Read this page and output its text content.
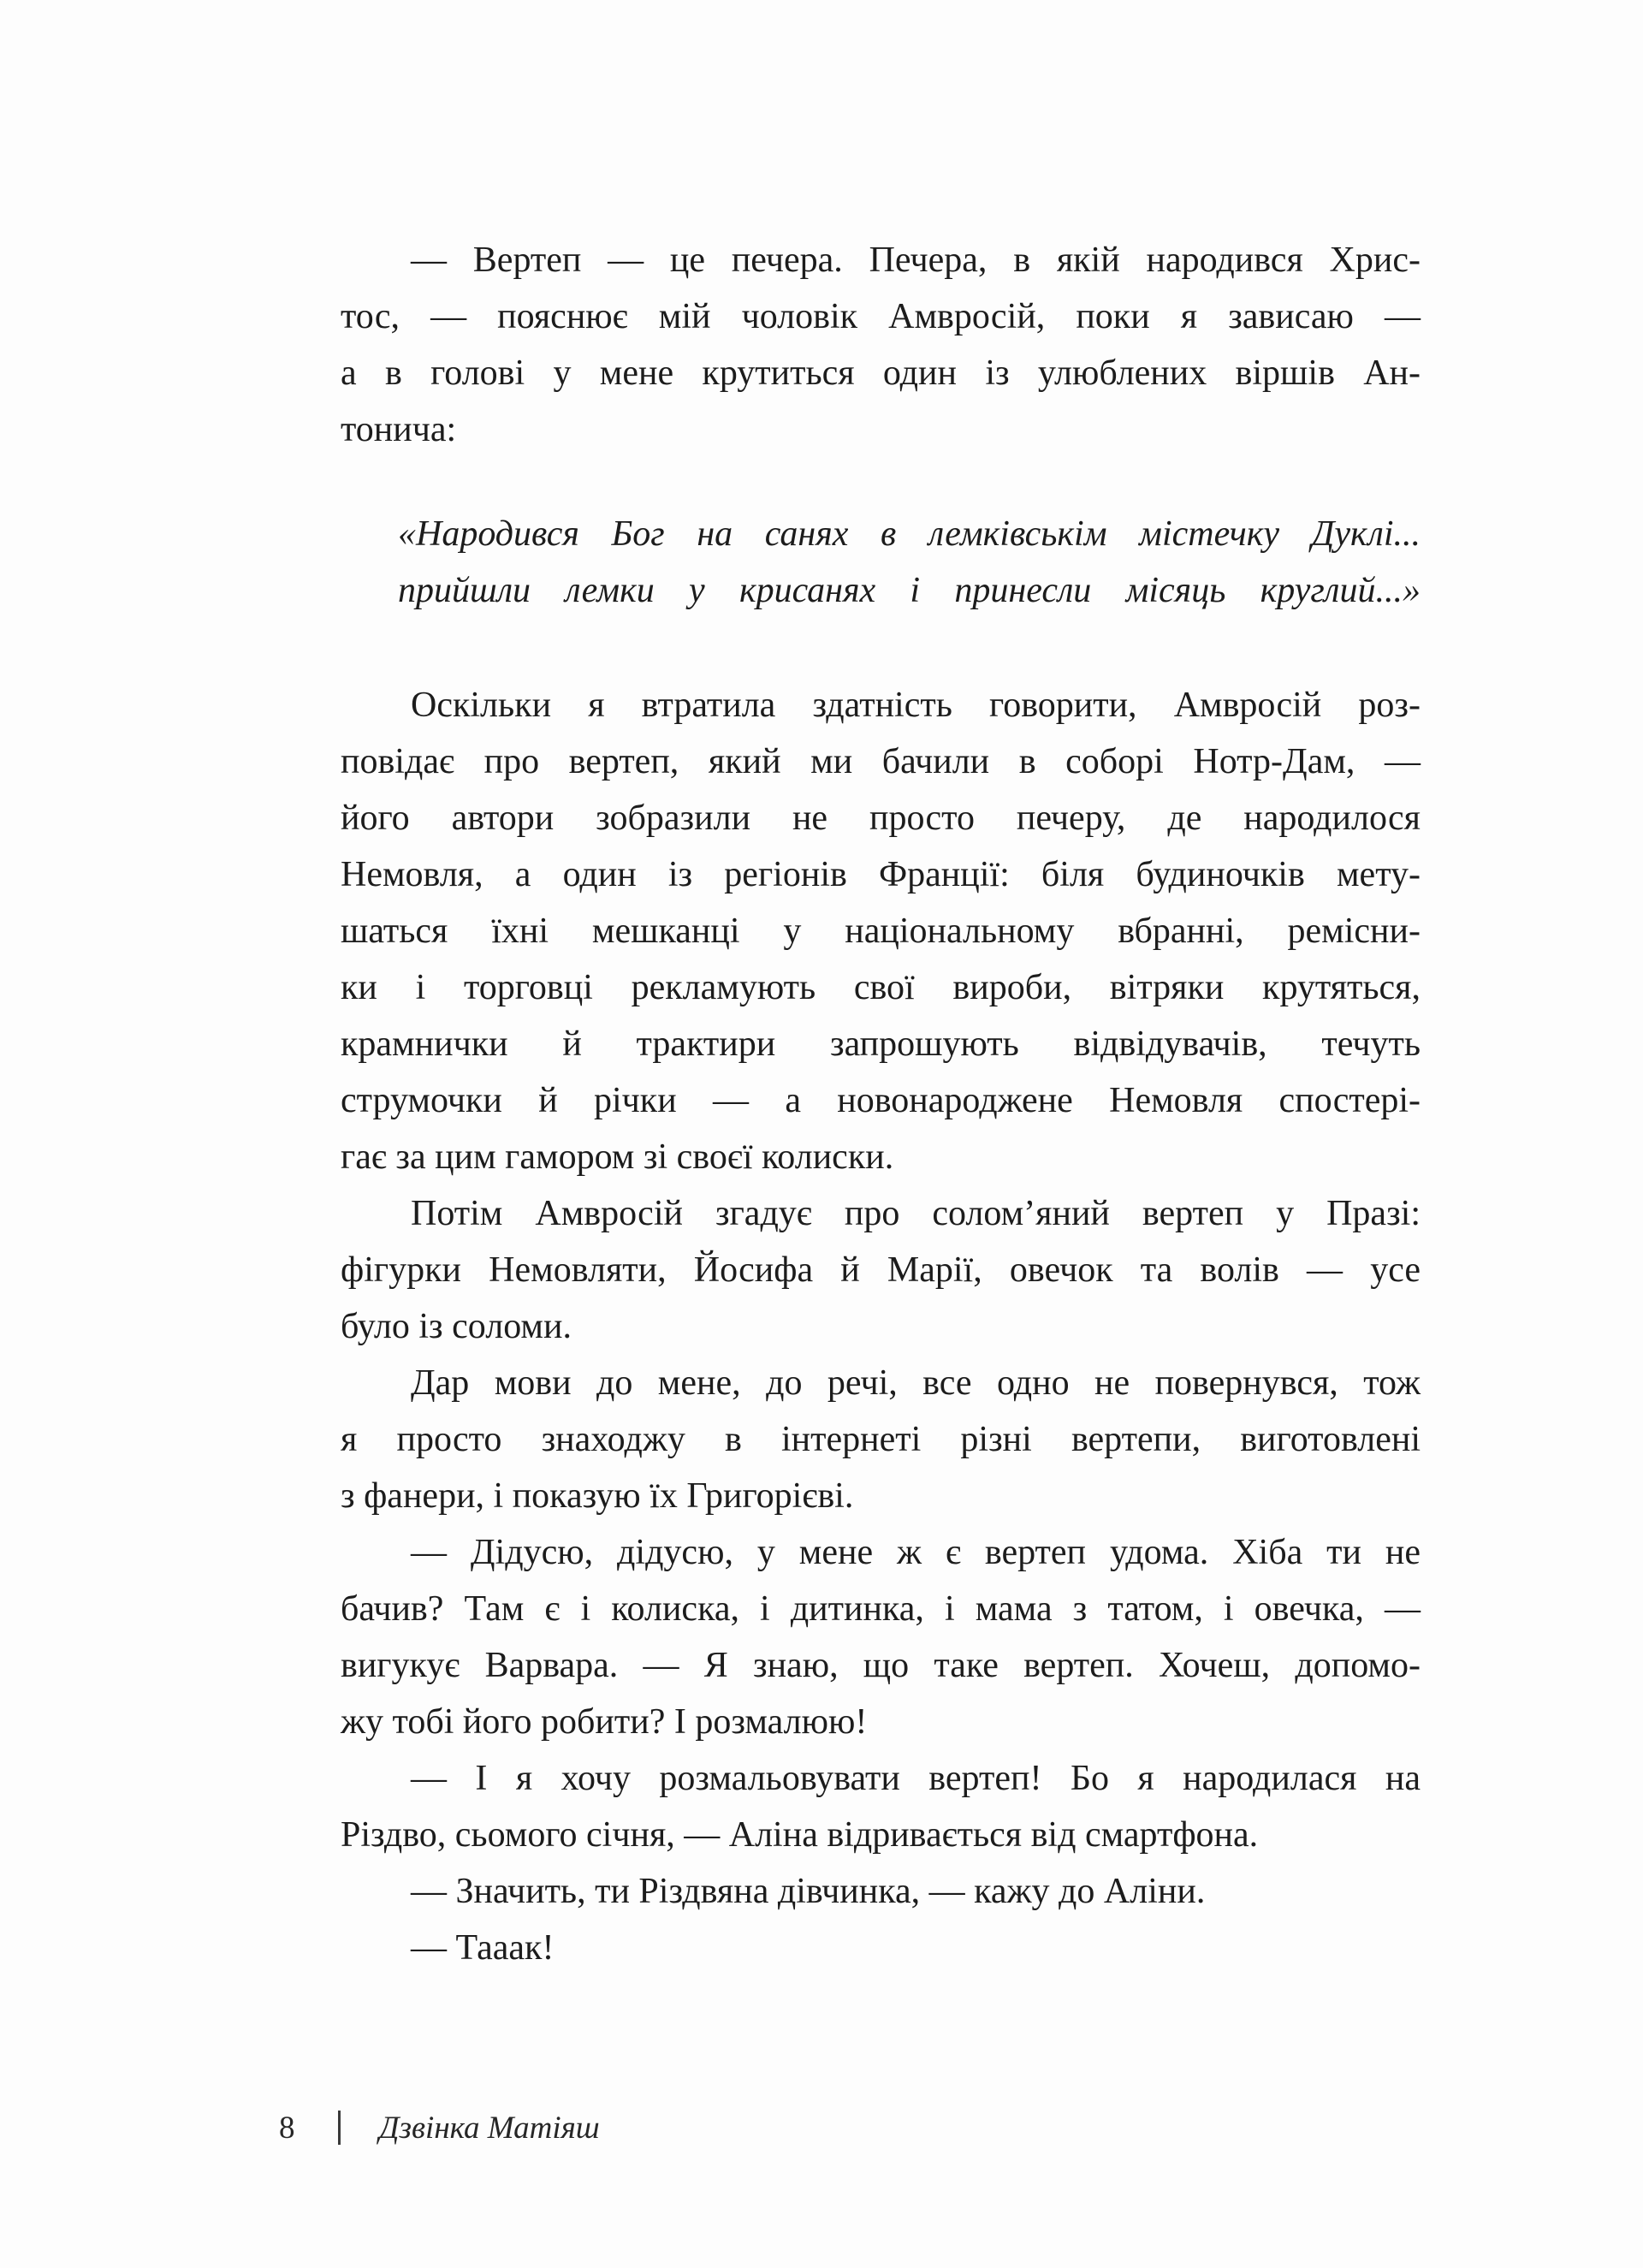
— Вертеп — це печера. Печера, в якій народився Хрис-
тос, — пояснює мій чоловік Амвросій, поки я зависаю —
а в голові у мене крутиться один із улюблених віршів Ан-
тонича:
«Народився Бог на санях в лемківськім містечку Дуклі...
прийшли лемки у крисанях і принесли місяць круглий...»
Оскільки я втратила здатність говорити, Амвросій роз-
повідає про вертеп, який ми бачили в соборі Нотр-Дам, —
його автори зобразили не просто печеру, де народилося
Немовля, а один із регіонів Франції: біля будиночків мету-
шаться їхні мешканці у національному вбранні, ремісни-
ки і торговці рекламують свої вироби, вітряки крутяться,
крамнички й трактири запрошують відвідувачів, течуть
струмочки й річки — а новонароджене Немовля спостері-
гає за цим гамором зі своєї колиски.
Потім Амвросій згадує про солом’яний вертеп у Празі:
фігурки Немовляти, Йосифа й Марії, овечок та волів — усе
було із соломи.
Дар мови до мене, до речі, все одно не повернувся, тож
я просто знаходжу в інтернеті різні вертепи, виготовлені
з фанери, і показую їх Григорієві.
— Дідусю, дідусю, у мене ж є вертеп удома. Хіба ти не
бачив? Там є і колиска, і дитинка, і мама з татом, і овечка, —
вигукує Варвара. — Я знаю, що таке вертеп. Хочеш, допомо-
жу тобі його робити? І розмалюю!
— І я хочу розмальовувати вертеп! Бо я народилася на
Різдво, сьомого січня, — Аліна відривається від смартфона.
— Значить, ти Різдвяна дівчинка, — кажу до Аліни.
— Тааак!
8	Дзвінка Матіяш
